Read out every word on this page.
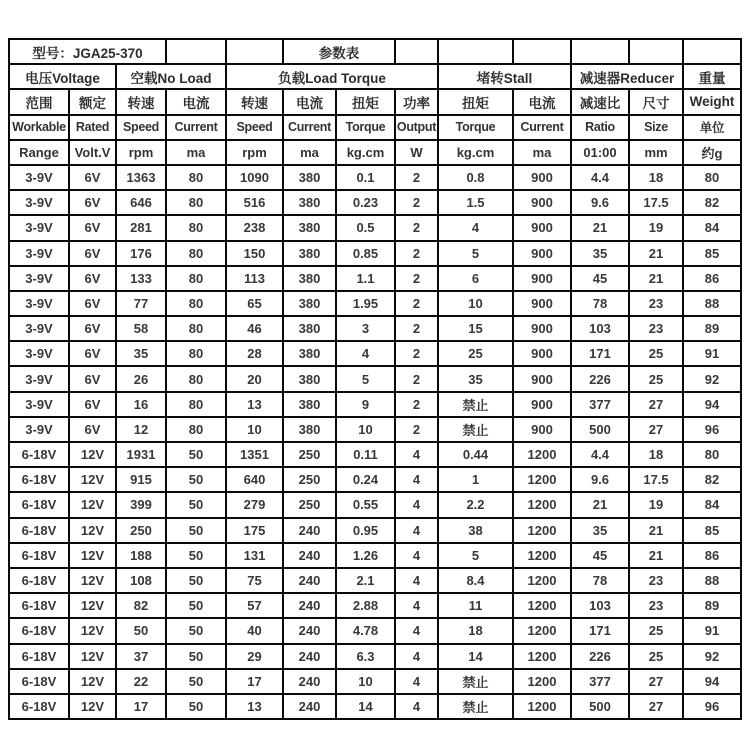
型号：JGA25-370					参数表							
电压Voltage		空载No Load		负载Load Torque				堵转Stall		减速器Reducer		重量
范围	额定	转速	电流	转速	电流	扭矩	功率	扭矩	电流	减速比	尺寸	Weight
Workable	Rated	Speed	Current	Speed	Current	Torque	Output	Torque	Current	Ratio	Size	单位
Range	Volt.V	rpm	ma	rpm	ma	kg.cm	W	kg.cm	ma	01:00	mm	约g
3-9V	6V	1363	80	1090	380	0.1	2	0.8	900	4.4	18	80
3-9V	6V	646	80	516	380	0.23	2	1.5	900	9.6	17.5	82
3-9V	6V	281	80	238	380	0.5	2	4	900	21	19	84
3-9V	6V	176	80	150	380	0.85	2	5	900	35	21	85
3-9V	6V	133	80	113	380	1.1	2	6	900	45	21	86
3-9V	6V	77	80	65	380	1.95	2	10	900	78	23	88
3-9V	6V	58	80	46	380	3	2	15	900	103	23	89
3-9V	6V	35	80	28	380	4	2	25	900	171	25	91
3-9V	6V	26	80	20	380	5	2	35	900	226	25	92
3-9V	6V	16	80	13	380	9	2	禁止	900	377	27	94
3-9V	6V	12	80	10	380	10	2	禁止	900	500	27	96
6-18V	12V	1931	50	1351	250	0.11	4	0.44	1200	4.4	18	80
6-18V	12V	915	50	640	250	0.24	4	1	1200	9.6	17.5	82
6-18V	12V	399	50	279	250	0.55	4	2.2	1200	21	19	84
6-18V	12V	250	50	175	240	0.95	4	38	1200	35	21	85
6-18V	12V	188	50	131	240	1.26	4	5	1200	45	21	86
6-18V	12V	108	50	75	240	2.1	4	8.4	1200	78	23	88
6-18V	12V	82	50	57	240	2.88	4	11	1200	103	23	89
6-18V	12V	50	50	40	240	4.78	4	18	1200	171	25	91
6-18V	12V	37	50	29	240	6.3	4	14	1200	226	25	92
6-18V	12V	22	50	17	240	10	4	禁止	1200	377	27	94
6-18V	12V	17	50	13	240	14	4	禁止	1200	500	27	96
